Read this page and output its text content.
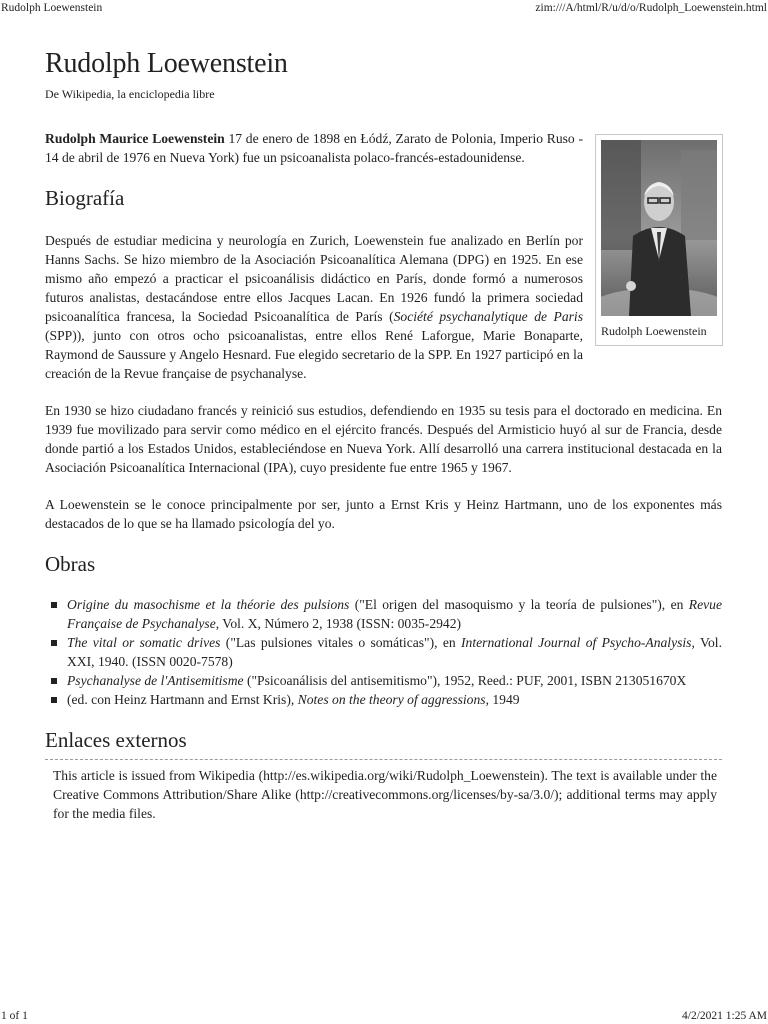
Rudolph Loewenstein	zim:///A/html/R/u/d/o/Rudolph_Loewenstein.html
Rudolph Loewenstein
De Wikipedia, la enciclopedia libre
Rudolph Loewenstein

Rudolph Maurice Loewenstein 17 de enero de 1898 en Łódź, Zarato de Polonia, Imperio Ruso - 14 de abril de 1976 en Nueva York) fue un psicoanalista polaco-francés-estadounidense.

Biografía

Después de estudiar medicina y neurología en Zurich, Loewenstein fue analizado en Berlín por Hanns Sachs. Se hizo miembro de la Asociación Psicoanalítica Alemana (DPG) en 1925. En ese mismo año empezó a practicar el psicoanálisis didáctico en París, donde formó a numerosos futuros analistas, destacándose entre ellos Jacques Lacan. En 1926 fundó la primera sociedad psicoanalítica francesa, la Sociedad Psicoanalítica de París (Société psychanalytique de Paris (SPP)), junto con otros ocho psicoanalistas, entre ellos René Laforgue, Marie Bonaparte, Raymond de Saussure y Angelo Hesnard. Fue elegido secretario de la SPP. En 1927 participó en la creación de la Revue française de psychanalyse.

En 1930 se hizo ciudadano francés y reinició sus estudios, defendiendo en 1935 su tesis para el doctorado en medicina. En 1939 fue movilizado para servir como médico en el ejército francés. Después del Armisticio huyó al sur de Francia, desde donde partió a los Estados Unidos, estableciéndose en Nueva York. Allí desarrolló una carrera institucional destacada en la Asociación Psicoanalítica Internacional (IPA), cuyo presidente fue entre 1965 y 1967.

A Loewenstein se le conoce principalmente por ser, junto a Ernst Kris y Heinz Hartmann, uno de los exponentes más destacados de lo que se ha llamado psicología del yo.

Obras
Origine du masochisme et la théorie des pulsions ("El origen del masoquismo y la teoría de pulsiones"), en Revue Française de Psychanalyse, Vol. X, Número 2, 1938 (ISSN: 0035-2942)
The vital or somatic drives ("Las pulsiones vitales o somáticas"), en International Journal of Psycho-Analysis, Vol. XXI, 1940. (ISSN 0020-7578)
Psychanalyse de l'Antisemitisme ("Psicoanálisis del antisemitismo"), 1952, Reed.: PUF, 2001, ISBN 213051670X
(ed. con Heinz Hartmann and Ernst Kris), Notes on the theory of aggressions, 1949
Enlaces externos
This article is issued from Wikipedia (http://es.wikipedia.org/wiki/Rudolph_Loewenstein). The text is available under the Creative Commons Attribution/Share Alike (http://creativecommons.org/licenses/by-sa/3.0/); additional terms may apply for the media files.
1 of 1	4/2/2021 1:25 AM
